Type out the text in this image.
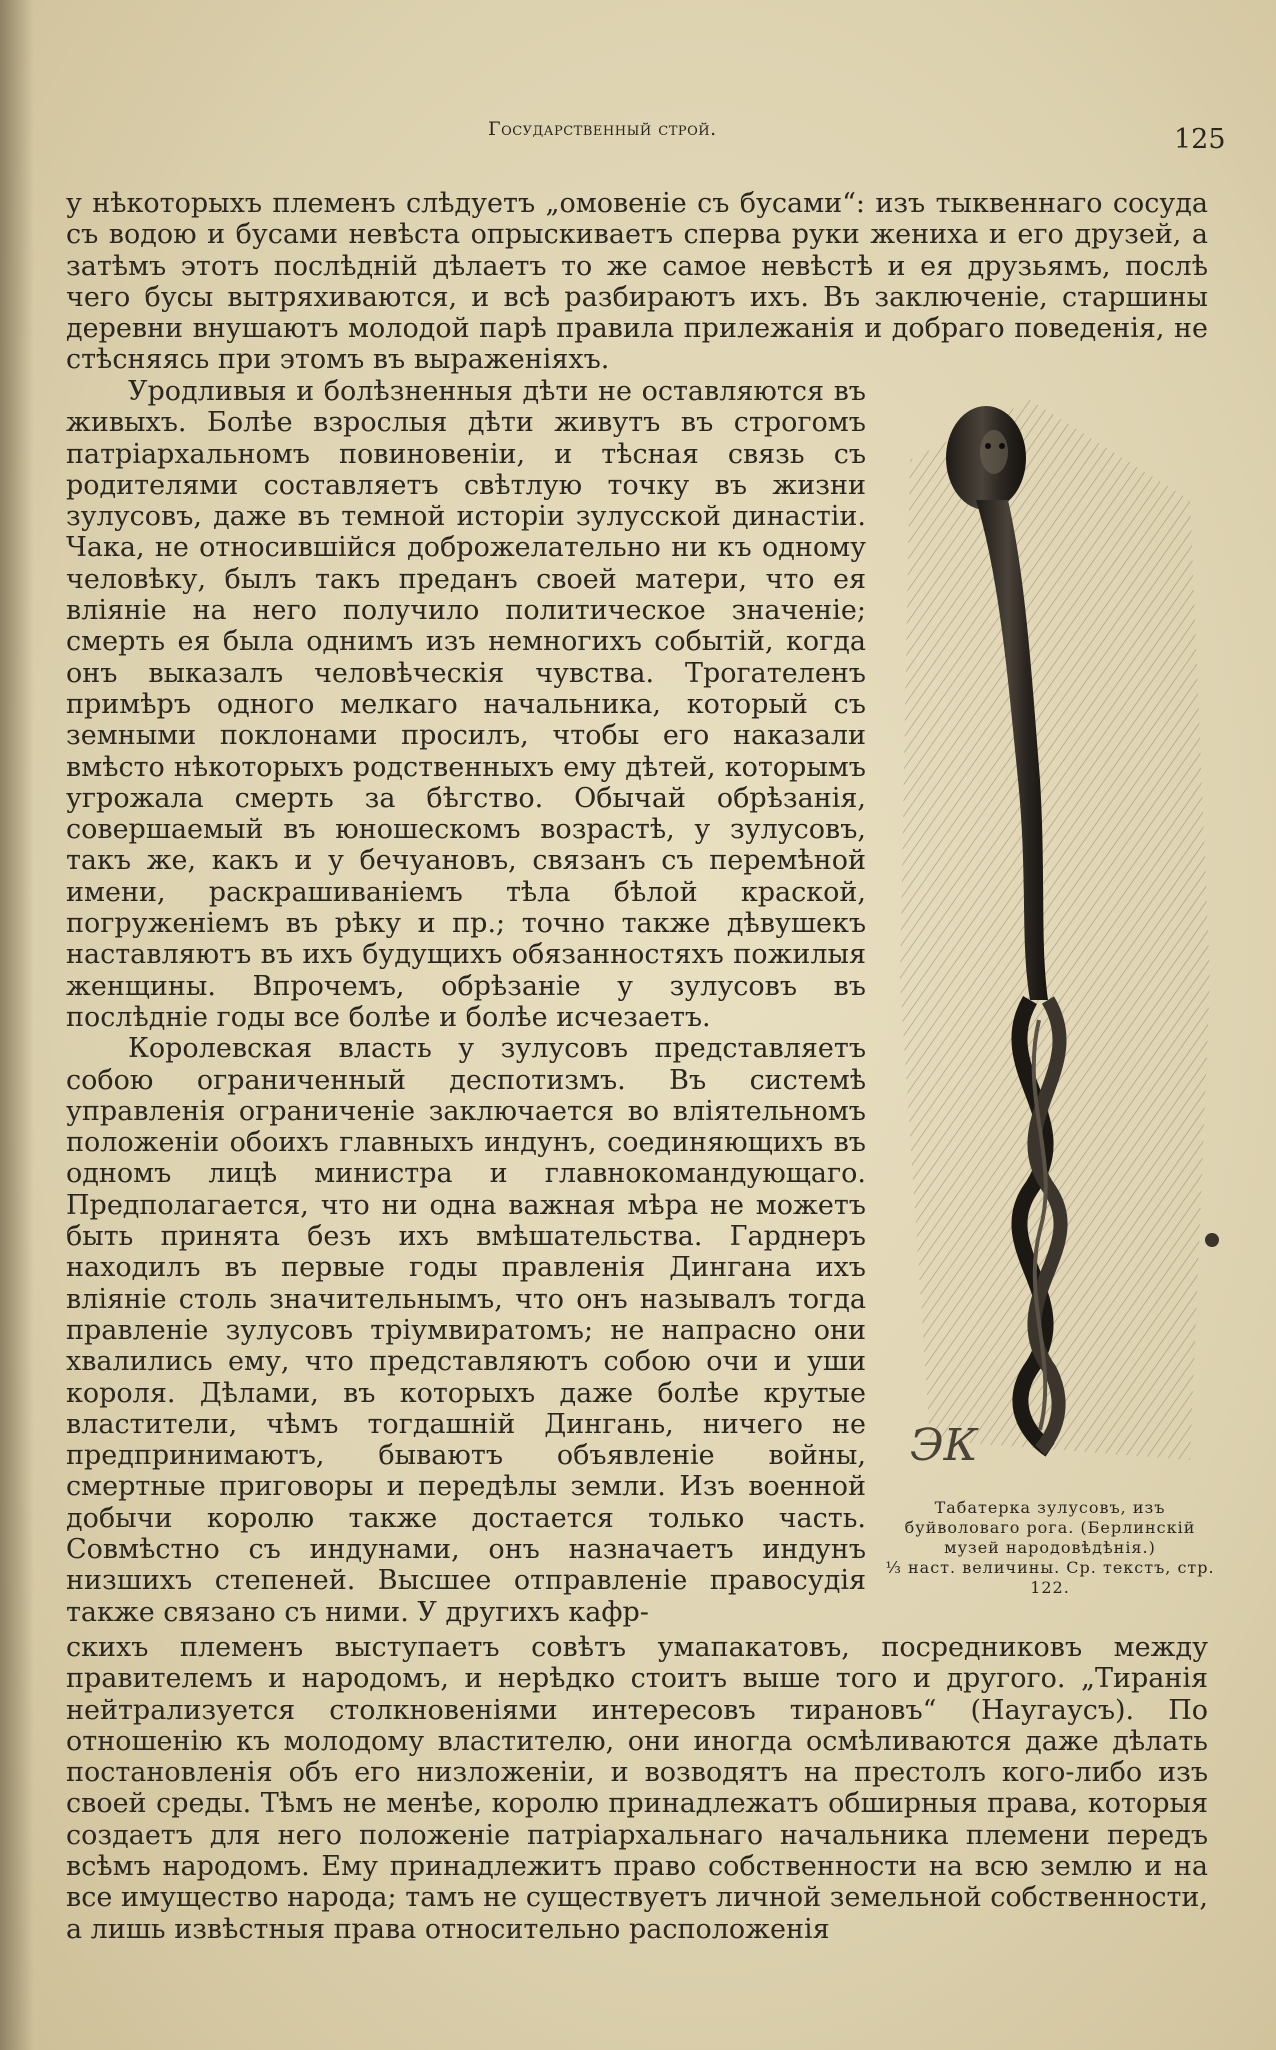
Государственный строй.	125

у нѣкоторыхъ племенъ слѣдуетъ „омовеніе съ бусами“: изъ тыквеннаго сосуда съ водою и бусами невѣста опрыскиваетъ сперва руки жениха и его друзей, а затѣмъ этотъ послѣдній дѣлаетъ то же самое невѣстѣ и ея друзьямъ, послѣ чего бусы вытряхиваются, и всѣ разбираютъ ихъ. Въ заключеніе, старшины деревни внушаютъ молодой парѣ правила прилежанія и добраго поведенія, не стѣсняясь при этомъ въ выраженіяхъ.

Уродливыя и болѣзненныя дѣти не оставляются въ живыхъ. Болѣе взрослыя дѣти живутъ въ строгомъ патріархальномъ повиновеніи, и тѣсная связь съ родителями составляетъ свѣтлую точку въ жизни зулусовъ, даже въ темной исторіи зулусской династіи. Чака, не относившійся доброжелательно ни къ одному человѣку, былъ такъ преданъ своей матери, что ея вліяніе на него получило политическое значеніе; смерть ея была однимъ изъ немногихъ событій, когда онъ выказалъ человѣческія чувства. Трогателенъ примѣръ одного мелкаго начальника, который съ земными поклонами просилъ, чтобы его наказали вмѣсто нѣкоторыхъ родственныхъ ему дѣтей, которымъ угрожала смерть за бѣгство. Обычай обрѣзанія, совершаемый въ юношескомъ возрастѣ, у зулусовъ, такъ же, какъ и у бечуановъ, связанъ съ перемѣной имени, раскрашиваніемъ тѣла бѣлой краской, погруженіемъ въ рѣку и пр.; точно также дѣвушекъ наставляютъ въ ихъ будущихъ обязанностяхъ пожилыя женщины. Впрочемъ, обрѣзаніе у зулусовъ въ послѣдніе годы все болѣе и болѣе исчезаетъ.

Королевская власть у зулусовъ представляетъ собою ограниченный деспотизмъ. Въ системѣ управленія ограниченіе заключается во вліятельномъ положеніи обоихъ главныхъ индунъ, соединяющихъ въ одномъ лицѣ министра и главнокомандующаго. Предполагается, что ни одна важная мѣра не можетъ быть принята безъ ихъ вмѣшательства. Гарднеръ находилъ въ первые годы правленія Дингана ихъ вліяніе столь значительнымъ, что онъ называлъ тогда правленіе зулусовъ тріумвиратомъ; не напрасно они хвалились ему, что представляютъ собою очи и уши короля. Дѣлами, въ которыхъ даже болѣе крутые властители, чѣмъ тогдашній Дингань, ничего не предпринимаютъ, бываютъ объявленіе войны, смертные приговоры и передѣлы земли. Изъ военной добычи королю также достается только часть. Совмѣстно съ индунами, онъ назначаетъ индунъ низшихъ степеней. Высшее отправленіе правосудія также связано съ ними. У другихъ кафр-

ЭК
Табатерка зулусовъ, изъ буйволоваго рога. (Берлинскій музей народовѣдѣнія.)
⅓ наст. величины. Ср. текстъ, стр. 122.

скихъ племенъ выступаетъ совѣтъ умапакатовъ, посредниковъ между правителемъ и народомъ, и нерѣдко стоитъ выше того и другого. „Тиранія нейтрализуется столкновеніями интересовъ тирановъ“ (Наугаусъ). По отношенію къ молодому властителю, они иногда осмѣливаются даже дѣлать постановленія объ его низложеніи, и возводятъ на престолъ кого-либо изъ своей среды. Тѣмъ не менѣе, королю принадлежатъ обширныя права, которыя создаетъ для него положеніе патріархальнаго начальника племени передъ всѣмъ народомъ. Ему принадлежитъ право собственности на всю землю и на все имущество народа; тамъ не существуетъ личной земельной собственности, а лишь извѣстныя права относительно расположенія
